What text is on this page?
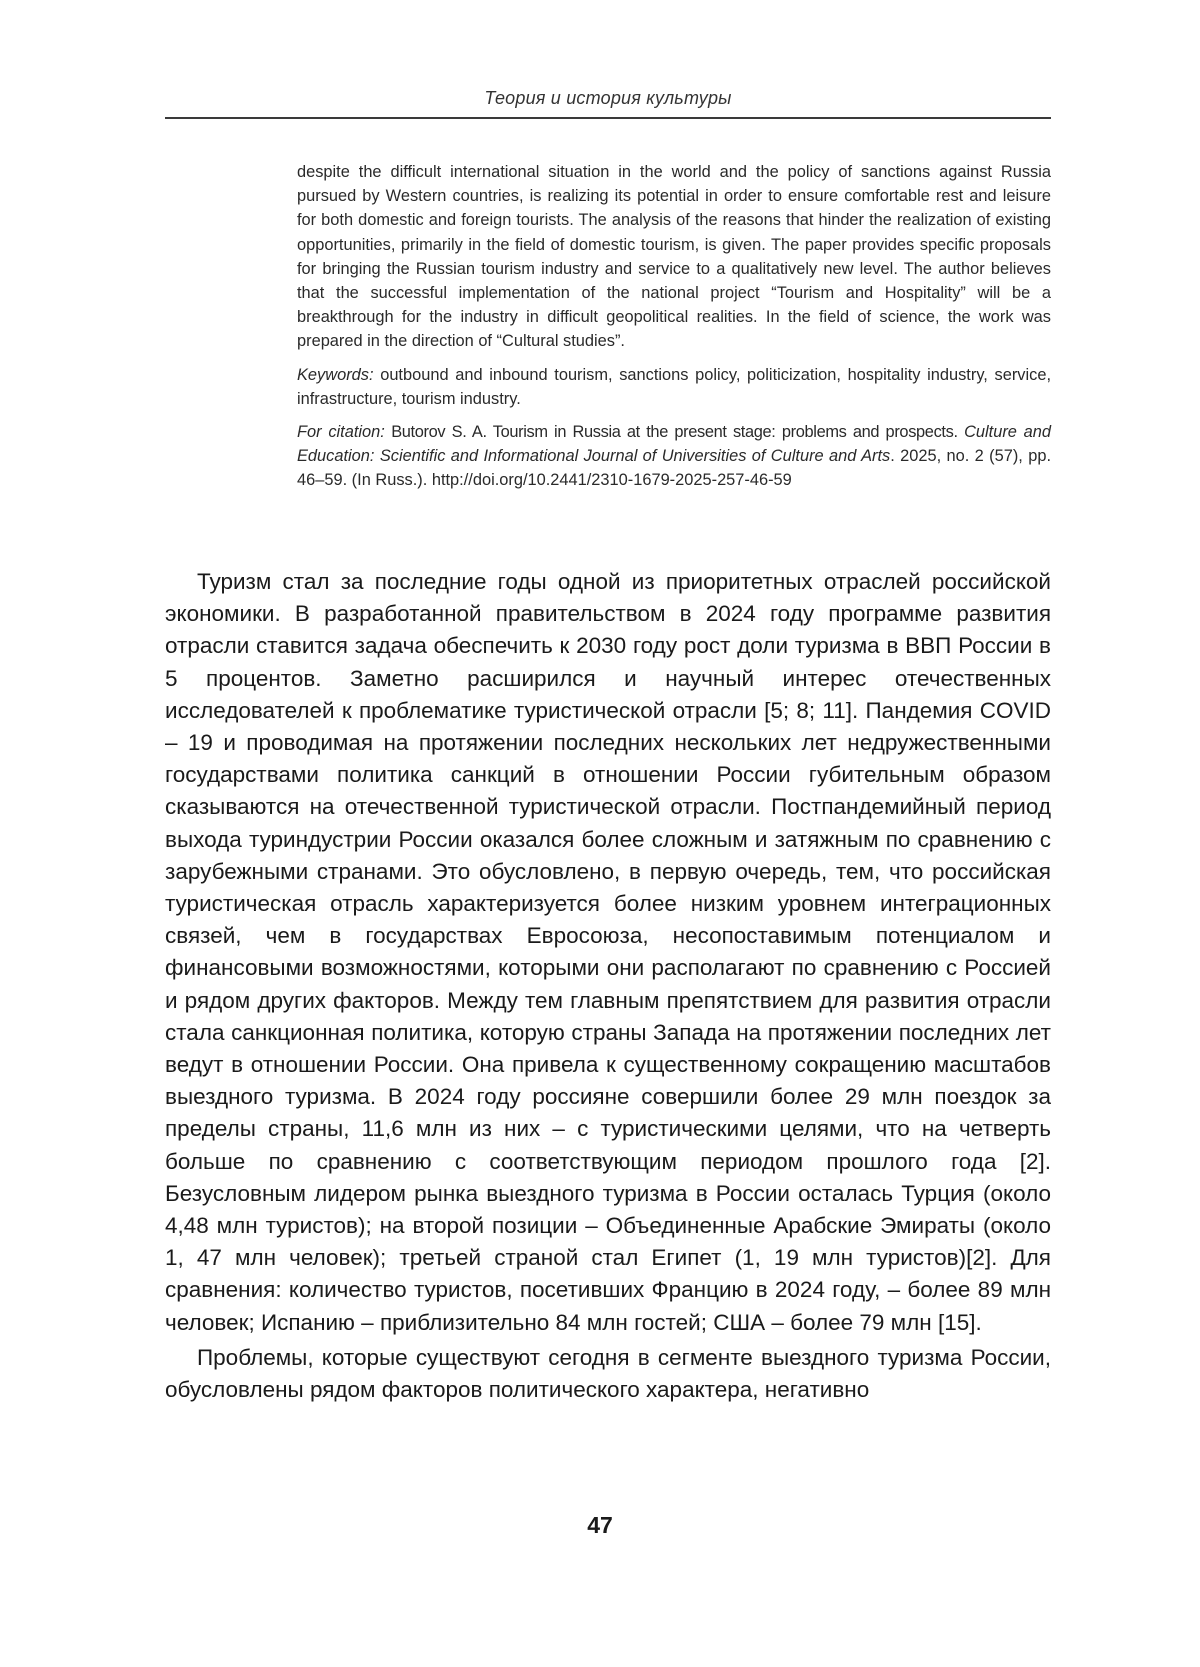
Теория и история культуры

despite the difficult international situation in the world and the policy of sanctions against Russia pursued by Western countries, is realizing its potential in order to ensure comfortable rest and leisure for both domestic and foreign tourists. The analysis of the reasons that hinder the realization of existing opportunities, primarily in the field of domestic tourism, is given. The paper provides specific proposals for bringing the Russian tourism industry and service to a qualitatively new level. The author believes that the successful implementation of the national project “Tourism and Hospitality” will be a breakthrough for the industry in difficult geopolitical realities. In the field of science, the work was prepared in the direction of “Cultural studies”.

Keywords: outbound and inbound tourism, sanctions policy, politicization, hospitality industry, service, infrastructure, tourism industry.

For citation: Butorov S. A. Tourism in Russia at the present stage: problems and prospects. Culture and Education: Scientific and Informational Journal of Universities of Culture and Arts. 2025, no. 2 (57), pp. 46–59. (In Russ.). http://doi.org/10.2441/2310-1679-2025-257-46-59

Туризм стал за последние годы одной из приоритетных отраслей российской экономики. В разработанной правительством в 2024 году программе развития отрасли ставится задача обеспечить к 2030 году рост доли туризма в ВВП России в 5 процентов. Заметно расширился и научный интерес отечественных исследователей к проблематике туристической отрасли [5; 8; 11]. Пандемия COVID – 19 и проводимая на протяжении последних нескольких лет недружественными государствами политика санкций в отношении России губительным образом сказываются на отечественной туристической отрасли. Постпандемийный период выхода туриндустрии России оказался более сложным и затяжным по сравнению с зарубежными странами. Это обусловлено, в первую очередь, тем, что российская туристическая отрасль характеризуется более низким уровнем интеграционных связей, чем в государствах Евросоюза, несопоставимым потенциалом и финансовыми возможностями, которыми они располагают по сравнению с Россией и рядом других факторов. Между тем главным препятствием для развития отрасли стала санкционная политика, которую страны Запада на протяжении последних лет ведут в отношении России. Она привела к существенному сокращению масштабов выездного туризма. В 2024 году россияне совершили более 29 млн поездок за пределы страны, 11,6 млн из них – с туристическими целями, что на четверть больше по сравнению с соответствующим периодом прошлого года [2]. Безусловным лидером рынка выездного туризма в России осталась Турция (около 4,48 млн туристов); на второй позиции – Объединенные Арабские Эмираты (около 1, 47 млн человек); третьей страной стал Египет (1, 19 млн туристов)[2]. Для сравнения: количество туристов, посетивших Францию в 2024 году, – более 89 млн человек; Испанию – приблизительно 84 млн гостей; США – более 79 млн [15].

Проблемы, которые существуют сегодня в сегменте выездного туризма России, обусловлены рядом факторов политического характера, негативно

47
